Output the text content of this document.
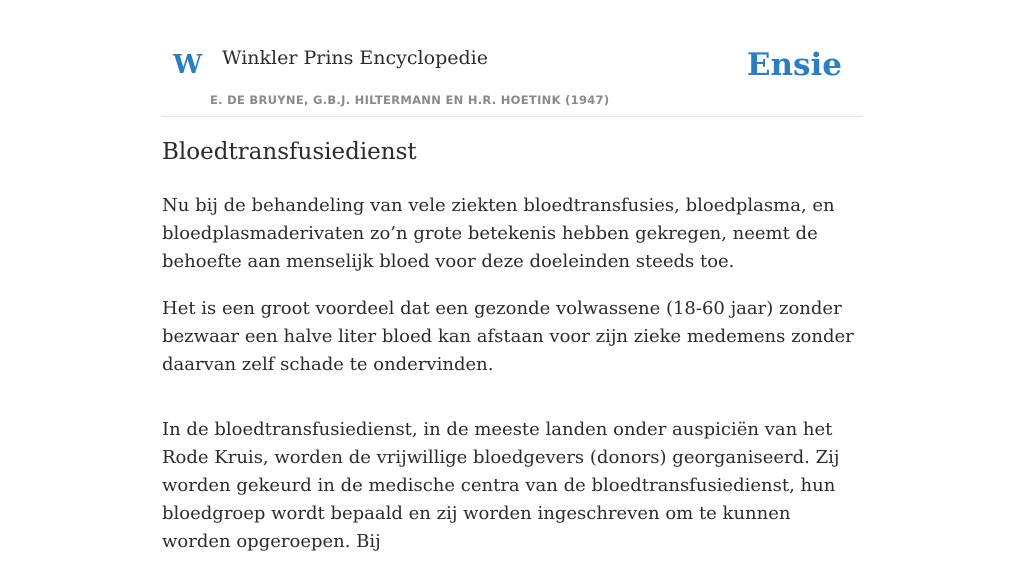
W Winkler Prins Encyclopedie
E. DE BRUYNE, G.B.J. HILTERMANN EN H.R. HOETINK (1947)
Ensie
Bloedtransfusiedienst

Nu bij de behandeling van vele ziekten bloedtransfusies, bloedplasma, en bloedplasmaderivaten zo’n grote betekenis hebben gekregen, neemt de behoefte aan menselijk bloed voor deze doeleinden steeds toe.

Het is een groot voordeel dat een gezonde volwassene (18-60 jaar) zonder bezwaar een halve liter bloed kan afstaan voor zijn zieke medemens zonder daarvan zelf schade te ondervinden.

In de bloedtransfusiedienst, in de meeste landen onder auspiciën van het Rode Kruis, worden de vrijwillige bloedgevers (donors) georganiseerd. Zij worden gekeurd in de medische centra van de bloedtransfusiedienst, hun bloedgroep wordt bepaald en zij worden ingeschreven om te kunnen worden opgeroepen. Bij
